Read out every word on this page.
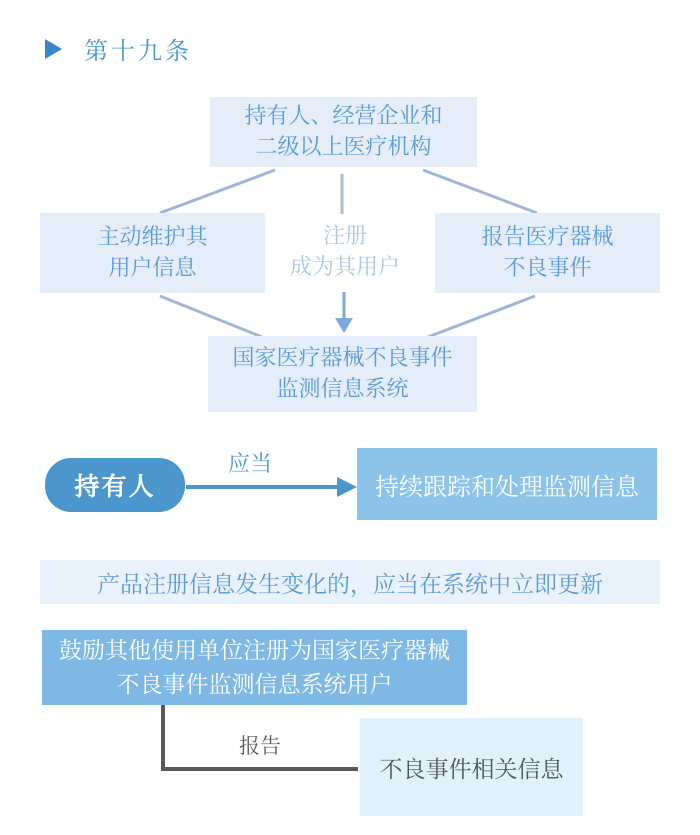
第十九条
持有人、经营企业和
二级以上医疗机构
主动维护其
用户信息
注册
成为其用户
报告医疗器械
不良事件
国家医疗器械不良事件
监测信息系统
持有人
应当
持续跟踪和处理监测信息
产品注册信息发生变化的，应当在系统中立即更新
鼓励其他使用单位注册为国家医疗器械
不良事件监测信息系统用户
报告
不良事件相关信息
